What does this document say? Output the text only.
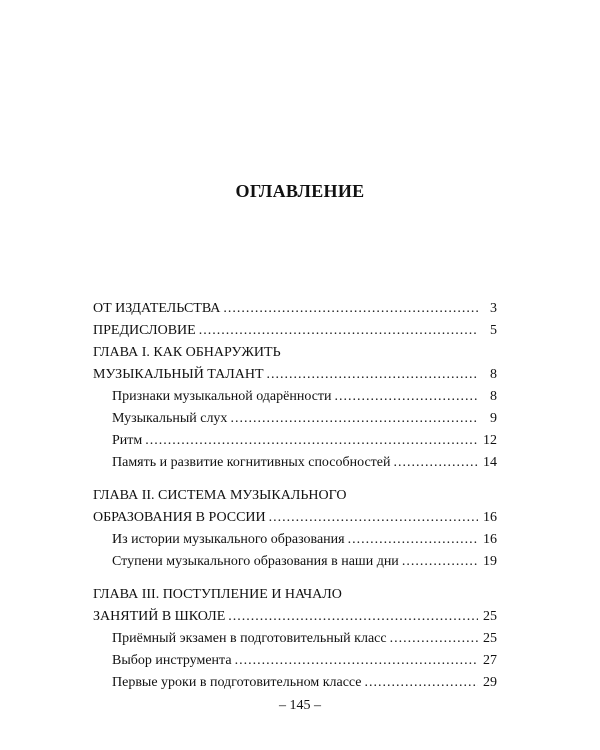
ОГЛАВЛЕНИЕ
ОТ ИЗДАТЕЛЬСТВА .....	3
ПРЕДИСЛОВИЕ .....	5
ГЛАВА I. КАК ОБНАРУЖИТЬ
МУЗЫКАЛЬНЫЙ ТАЛАНТ .....	8
Признаки музыкальной одарённости .....	8
Музыкальный слух .....	9
Ритм .....	12
Память и развитие когнитивных способностей .....	14
ГЛАВА II. СИСТЕМА МУЗЫКАЛЬНОГО
ОБРАЗОВАНИЯ В РОССИИ .....	16
Из истории музыкального образования .....	16
Ступени музыкального образования в наши дни .....	19
ГЛАВА III. ПОСТУПЛЕНИЕ И НАЧАЛО
ЗАНЯТИЙ В ШКОЛЕ .....	25
Приёмный экзамен в подготовительный класс .....	25
Выбор инструмента .....	27
Первые уроки в подготовительном классе .....	29
– 145 –
